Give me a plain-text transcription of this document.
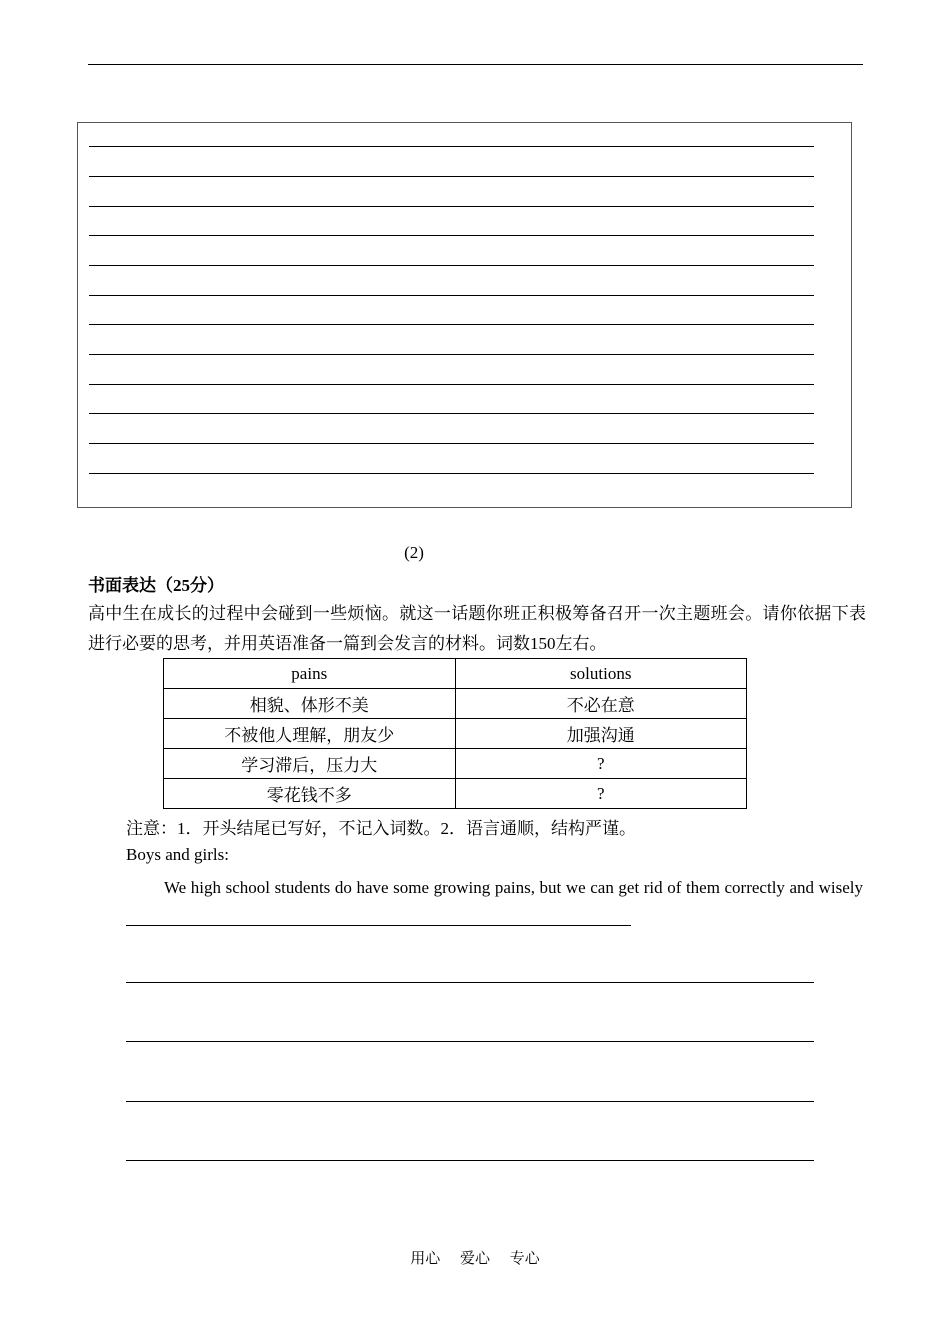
(2)
书面表达（25分）
高中生在成长的过程中会碰到一些烦恼。就这一话题你班正积极筹备召开一次主题班会。请你依据下表进行必要的思考，并用英语准备一篇到会发言的材料。词数150左右。
pains	solutions
相貌、体形不美	不必在意
不被他人理解，朋友少	加强沟通
学习滞后，压力大	?
零花钱不多	?
注意：1．开头结尾已写好，不记入词数。2．语言通顺，结构严谨。
Boys and girls:
We high school students do have some growing pains, but we can get rid of them correctly and wisely
用心 爱心 专心
